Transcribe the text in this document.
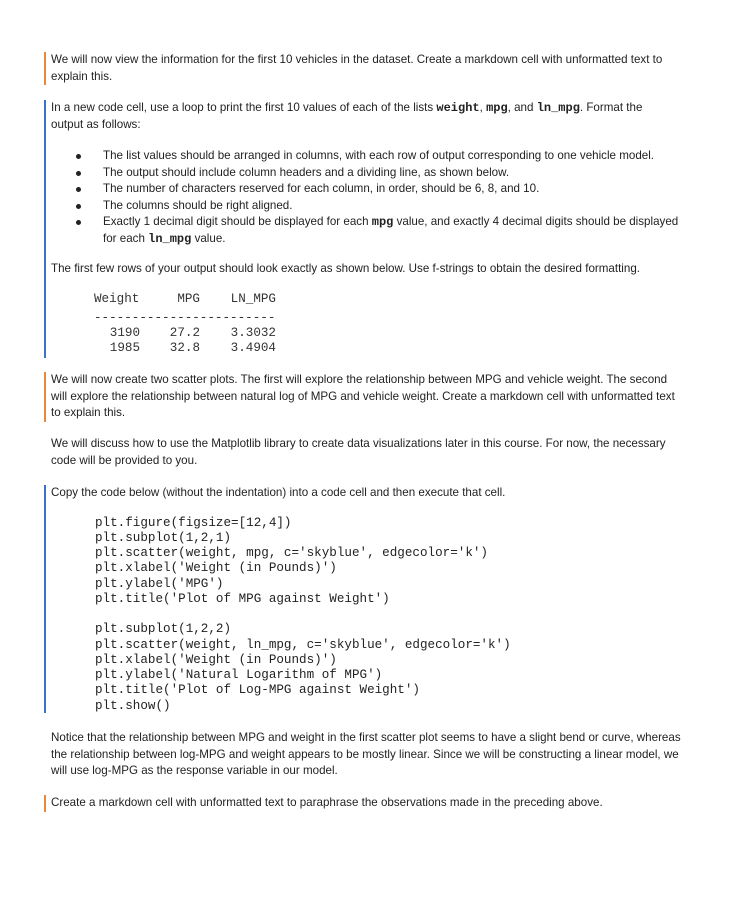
We will now view the information for the first 10 vehicles in the dataset. Create a markdown cell with unformatted text to

explain this.

In a new code cell, use a loop to print the first 10 values of each of the lists weight, mpg, and ln_mpg. Format the

output as follows:

The list values should be arranged in columns, with each row of output corresponding to one vehicle model.
The output should include column headers and a dividing line, as shown below.
The number of characters reserved for each column, in order, should be 6, 8, and 10.
The columns should be right aligned.
Exactly 1 decimal digit should be displayed for each mpg value, and exactly 4 decimal digits should be displayed
for each ln_mpg value.

The first few rows of your output should look exactly as shown below. Use f-strings to obtain the desired formatting.

Weight	MPG	LN_MPG

------------------------		
3190	27.2	3.3032
1985	32.8	3.4904

We will now create two scatter plots. The first will explore the relationship between MPG and vehicle weight. The second

will explore the relationship between natural log of MPG and vehicle weight. Create a markdown cell with unformatted text

to explain this.

We will discuss how to use the Matplotlib library to create data visualizations later in this course. For now, the necessary

code will be provided to you.

Copy the code below (without the indentation) into a code cell and then execute that cell.

plt.figure(figsize=[12,4])
plt.subplot(1,2,1)
plt.scatter(weight, mpg, c='skyblue', edgecolor='k')
plt.xlabel('Weight (in Pounds)')
plt.ylabel('MPG')
plt.title('Plot of MPG against Weight')
plt.subplot(1,2,2)
plt.scatter(weight, ln_mpg, c='skyblue', edgecolor='k')
plt.xlabel('Weight (in Pounds)')
plt.ylabel('Natural Logarithm of MPG')
plt.title('Plot of Log-MPG against Weight')
plt.show()

Notice that the relationship between MPG and weight in the first scatter plot seems to have a slight bend or curve, whereas

the relationship between log-MPG and weight appears to be mostly linear. Since we will be constructing a linear model, we

will use log-MPG as the response variable in our model.

Create a markdown cell with unformatted text to paraphrase the observations made in the preceding above.
